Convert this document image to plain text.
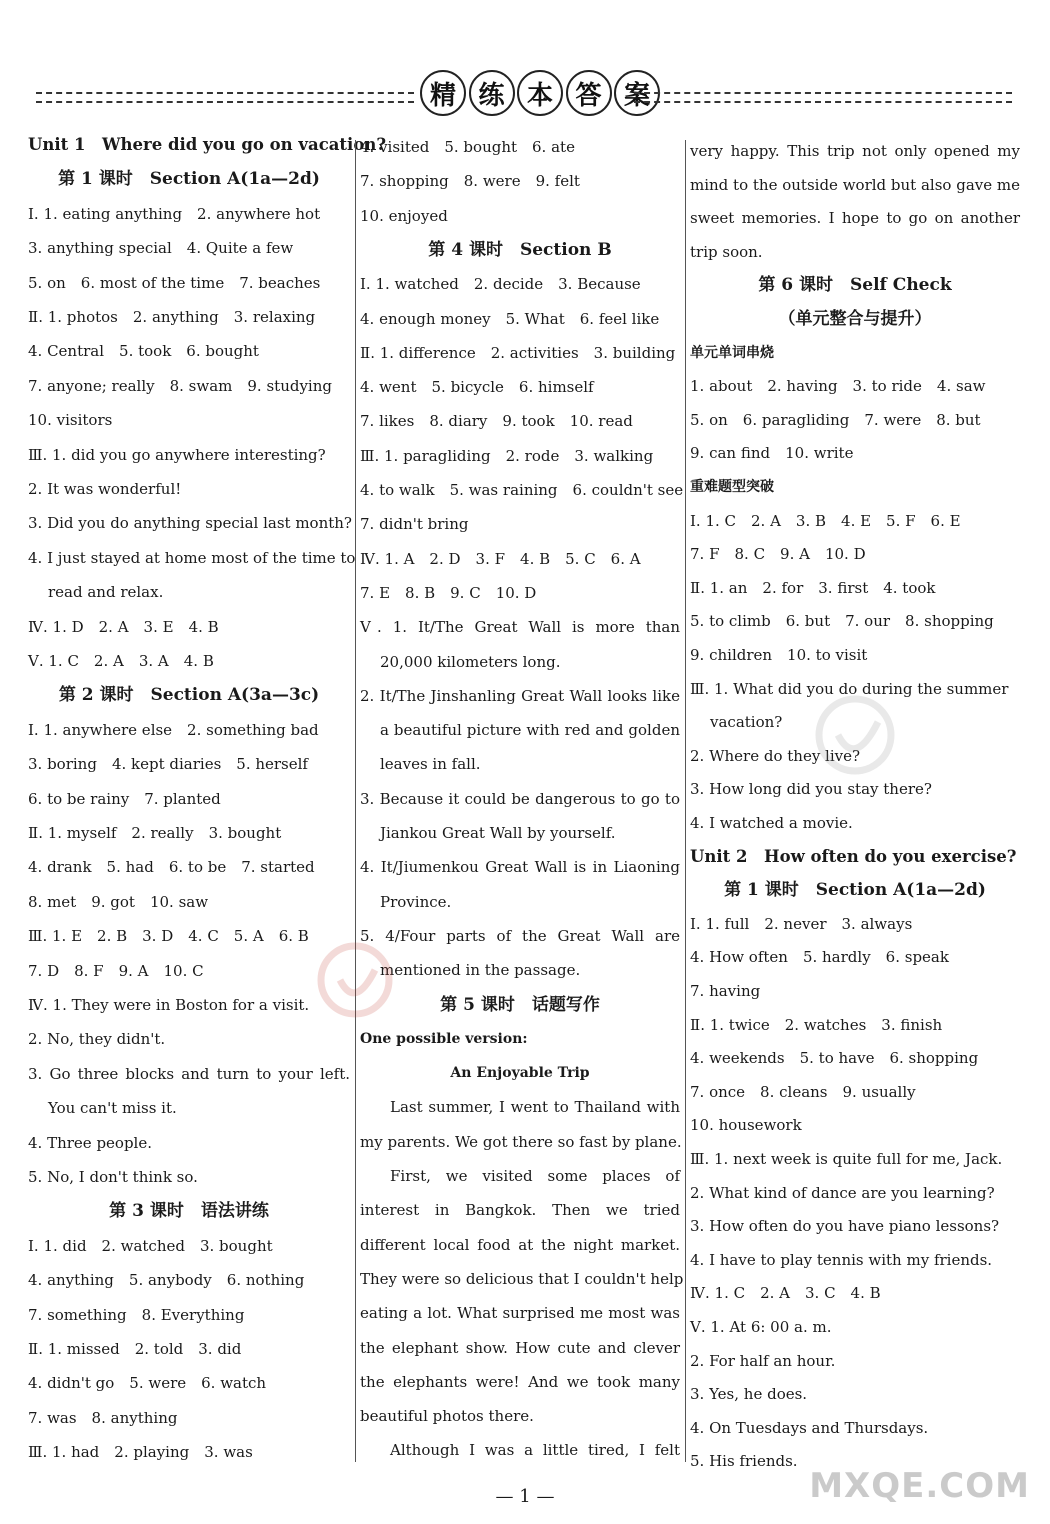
精 练 本 答 案
Unit 1　Where did you go on vacation?
第 1 课时　Section A(1a—2d)
Ⅰ. 1. eating anything　2. anywhere hot
3. anything special　4. Quite a few
5. on　6. most of the time　7. beaches
Ⅱ. 1. photos　2. anything　3. relaxing
4. Central　5. took　6. bought
7. anyone; really　8. swam　9. studying
10. visitors
Ⅲ. 1. did you go anywhere interesting?
2. It was wonderful!
3. Did you do anything special last month?
4. I just stayed at home most of the time to
read and relax.
Ⅳ. 1. D　2. A　3. E　4. B
Ⅴ. 1. C　2. A　3. A　4. B
第 2 课时　Section A(3a—3c)
Ⅰ. 1. anywhere else　2. something bad
3. boring　4. kept diaries　5. herself
6. to be rainy　7. planted
Ⅱ. 1. myself　2. really　3. bought
4. drank　5. had　6. to be　7. started
8. met　9. got　10. saw
Ⅲ. 1. E　2. B　3. D　4. C　5. A　6. B
7. D　8. F　9. A　10. C
Ⅳ. 1. They were in Boston for a visit.
2. No, they didn't.
3. Go three blocks and turn to your left.
You can't miss it.
4. Three people.
5. No, I don't think so.
第 3 课时　语法讲练
Ⅰ. 1. did　2. watched　3. bought
4. anything　5. anybody　6. nothing
7. something　8. Everything
Ⅱ. 1. missed　2. told　3. did
4. didn't go　5. were　6. watch
7. was　8. anything
Ⅲ. 1. had　2. playing　3. was
4. visited　5. bought　6. ate
7. shopping　8. were　9. felt
10. enjoyed
第 4 课时　Section B
Ⅰ. 1. watched　2. decide　3. Because
4. enough money　5. What　6. feel like
Ⅱ. 1. difference　2. activities　3. building
4. went　5. bicycle　6. himself
7. likes　8. diary　9. took　10. read
Ⅲ. 1. paragliding　2. rode　3. walking
4. to walk　5. was raining　6. couldn't see
7. didn't bring
Ⅳ. 1. A　2. D　3. F　4. B　5. C　6. A
7. E　8. B　9. C　10. D
Ⅴ. 1. It/The Great Wall is more than
20,000 kilometers long.
2. It/The Jinshanling Great Wall looks like
a beautiful picture with red and golden
leaves in fall.
3. Because it could be dangerous to go to
Jiankou Great Wall by yourself.
4. It/Jiumenkou Great Wall is in Liaoning
Province.
5. 4/Four parts of the Great Wall are
mentioned in the passage.
第 5 课时　话题写作
One possible version:
An Enjoyable Trip
Last summer, I went to Thailand with
my parents. We got there so fast by plane.
First, we visited some places of
interest in Bangkok. Then we tried
different local food at the night market.
They were so delicious that I couldn't help
eating a lot. What surprised me most was
the elephant show. How cute and clever
the elephants were! And we took many
beautiful photos there.
Although I was a little tired, I felt
very happy. This trip not only opened my
mind to the outside world but also gave me
sweet memories. I hope to go on another
trip soon.
第 6 课时　Self Check
（单元整合与提升）
单元单词串烧
1. about　2. having　3. to ride　4. saw
5. on　6. paragliding　7. were　8. but
9. can find　10. write
重难题型突破
Ⅰ. 1. C　2. A　3. B　4. E　5. F　6. E
7. F　8. C　9. A　10. D
Ⅱ. 1. an　2. for　3. first　4. took
5. to climb　6. but　7. our　8. shopping
9. children　10. to visit
Ⅲ. 1. What did you do during the summer
vacation?
2. Where do they live?
3. How long did you stay there?
4. I watched a movie.
Unit 2　How often do you exercise?
第 1 课时　Section A(1a—2d)
Ⅰ. 1. full　2. never　3. always
4. How often　5. hardly　6. speak
7. having
Ⅱ. 1. twice　2. watches　3. finish
4. weekends　5. to have　6. shopping
7. once　8. cleans　9. usually
10. housework
Ⅲ. 1. next week is quite full for me, Jack.
2. What kind of dance are you learning?
3. How often do you have piano lessons?
4. I have to play tennis with my friends.
Ⅳ. 1. C　2. A　3. C　4. B
Ⅴ. 1. At 6: 00 a. m.
2. For half an hour.
3. Yes, he does.
4. On Tuesdays and Thursdays.
5. His friends.
MXQE.COM
— 1 —
